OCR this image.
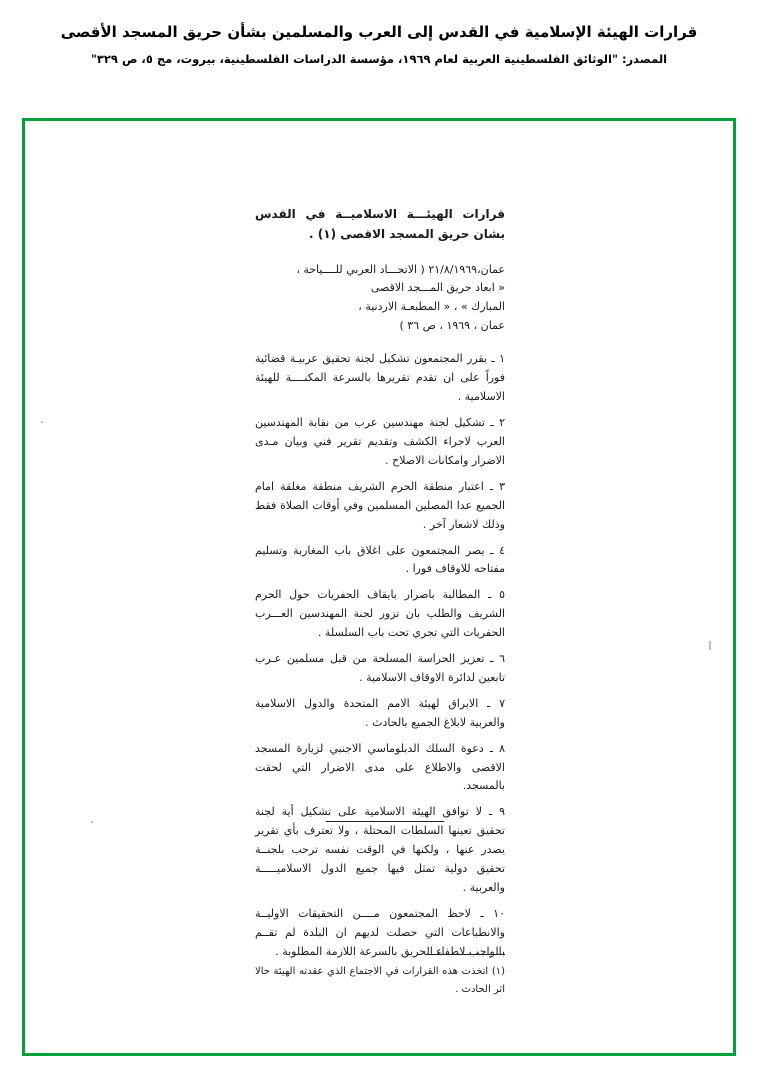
قرارات الهيئة الإسلامية في القدس إلى العرب والمسلمين بشأن حريق المسجد الأقصى
المصدر: "الوثائق الفلسطينية العربية لعام ١٩٦٩، مؤسسة الدراسات الفلسطينية، بيروت، مج ٥، ص ٣٢٩"
قرارات الهيئـــة الاسلاميــة في القدس بشان حريق المسجد الاقصى (١) .
عمان،٢١/٨/١٩٦٩ ( الاتحـــاد العربي للــــياحة ،
« ابعاد حريق المـــجد الاقصى
المبارك » ، « المطبعـة الاردنية ،
عمان ، ١٩٦٩ ، ص ٣٦ )
١ ـ يقرر المجتمعون تشكيل لجنة تحقيق عربيـة قضائية فوراً على ان تقدم تقريرها بالسرعة المكنــــة للهيئة الاسلامية .
٢ ـ تشكيل لجنة مهندسين عرب من نقابة المهندسين العرب لاجراء الكشف وتقديم تقرير فني وبيان مـدى الاضرار وامكانات الاصلاح .
٣ ـ اعتبار منطقة الحرم الشريف منطقة مغلقة امام الجميع عدا المصلين المسلمين وفي أوقات الصلاة فقط وذلك لاشعار آخر .
٤ ـ يصر المجتمعون على اغلاق باب المغاربة وتسليم مفتاحه للاوقاف فورا .
٥ ـ المطالبة باصرار بايقاف الحفريات حول الحرم الشريف والطلب بان تزور لجنة المهندسين العـــرب الحفريات التي تجري تحت باب السلسلة .
٦ ـ تعزيز الحراسة المسلحة من قبل مسلمين عـرب تابعين لدائرة الاوقاف الاسلامية .
٧ ـ الابراق لهيئة الامم المتحدة والدول الاسلامية والعربية لابلاغ الجميع بالحادث .
٨ ـ دعوة السلك الدبلوماسي الاجنبي لزيارة المسجد الاقصى والاطلاع على مدى الاضرار التي لحقت بالمسجد.
٩ ـ لا توافق الهيئة الاسلامية على تشكيل أية لجنة تحقيق تعينها السلطات المحتلة ، ولا تعترف بأي تقرير يصدر عنها ، ولكنها في الوقت نفسه ترحب بلجنــة تحقيق دولية تمثل فيها جميع الدول الاسلاميـــــة والعربية .
١٠ ـ لاحظ المجتمعون مــــن التحقيقات الاوليــة والانطباعات التي حصلت لديهم ان البلدة لم تقــم بالواجب لاطفاء الحريق بالسرعة اللازمة المطلوبة .
(١) اتخذت هذه القرارات في الاجتماع الذي عقدته الهيئة حالا اثر الحادث .
